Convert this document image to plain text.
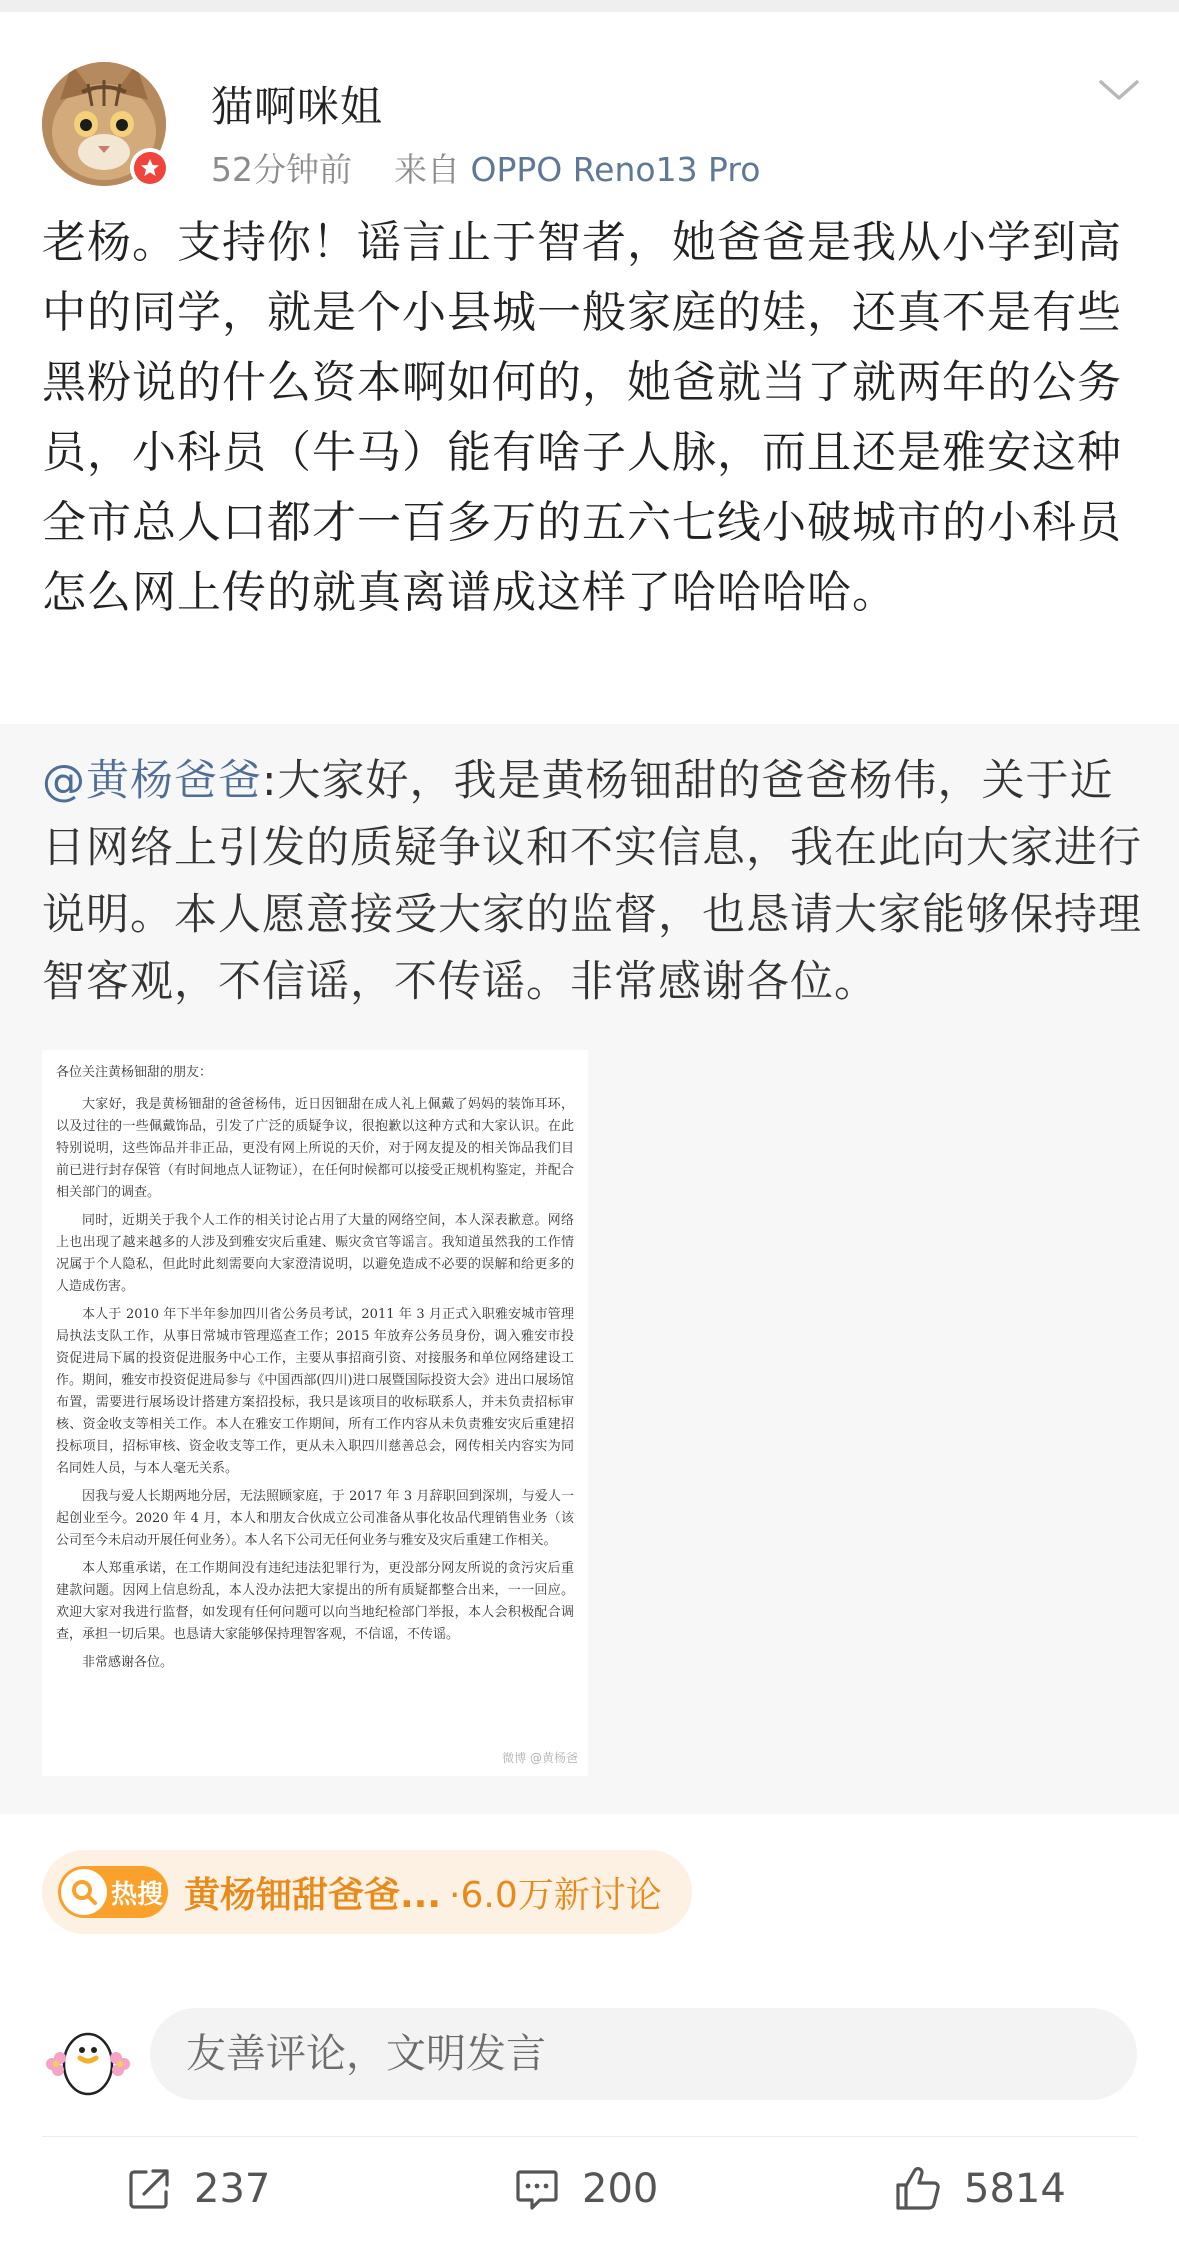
猫啊咪姐
52分钟前 来自 OPPO Reno13 Pro
老杨。支持你！谣言止于智者，她爸爸是我从小学到高中的同学，就是个小县城一般家庭的娃，还真不是有些黑粉说的什么资本啊如何的，她爸就当了就两年的公务员，小科员（牛马）能有啥子人脉，而且还是雅安这种全市总人口都才一百多万的五六七线小破城市的小科员怎么网上传的就真离谱成这样了哈哈哈哈。
@黄杨爸爸:大家好，我是黄杨钿甜的爸爸杨伟，关于近日网络上引发的质疑争议和不实信息，我在此向大家进行说明。本人愿意接受大家的监督，也恳请大家能够保持理智客观，不信谣，不传谣。非常感谢各位。

各位关注黄杨钿甜的朋友：

大家好，我是黄杨钿甜的爸爸杨伟，近日因钿甜在成人礼上佩戴了妈妈的装饰耳环，以及过往的一些佩戴饰品，引发了广泛的质疑争议，很抱歉以这种方式和大家认识。在此特别说明，这些饰品并非正品，更没有网上所说的天价，对于网友提及的相关饰品我们目前已进行封存保管（有时间地点人证物证），在任何时候都可以接受正规机构鉴定，并配合相关部门的调查。

同时，近期关于我个人工作的相关讨论占用了大量的网络空间，本人深表歉意。网络上也出现了越来越多的人涉及到雅安灾后重建、赈灾贪官等谣言。我知道虽然我的工作情况属于个人隐私，但此时此刻需要向大家澄清说明，以避免造成不必要的误解和给更多的人造成伤害。

本人于 2010 年下半年参加四川省公务员考试，2011 年 3 月正式入职雅安城市管理局执法支队工作，从事日常城市管理巡查工作；2015 年放弃公务员身份，调入雅安市投资促进局下属的投资促进服务中心工作，主要从事招商引资、对接服务和单位网络建设工作。期间，雅安市投资促进局参与《中国西部(四川)进口展暨国际投资大会》进出口展场馆布置，需要进行展场设计搭建方案招投标，我只是该项目的收标联系人，并未负责招标审核、资金收支等相关工作。本人在雅安工作期间，所有工作内容从未负责雅安灾后重建招投标项目，招标审核、资金收支等工作，更从未入职四川慈善总会，网传相关内容实为同名同姓人员，与本人毫无关系。

因我与爱人长期两地分居，无法照顾家庭，于 2017 年 3 月辞职回到深圳，与爱人一起创业至今。2020 年 4 月，本人和朋友合伙成立公司准备从事化妆品代理销售业务（该公司至今未启动开展任何业务）。本人名下公司无任何业务与雅安及灾后重建工作相关。

本人郑重承诺，在工作期间没有违纪违法犯罪行为，更没部分网友所说的贪污灾后重建款问题。因网上信息纷乱，本人没办法把大家提出的所有质疑都整合出来，一一回应。欢迎大家对我进行监督，如发现有任何问题可以向当地纪检部门举报，本人会积极配合调查，承担一切后果。也恳请大家能够保持理智客观，不信谣，不传谣。

非常感谢各位。

微博 @黄杨爸
热搜 黄杨钿甜爸爸... ·6.0万新讨论
友善评论，文明发言
237	200	5814
